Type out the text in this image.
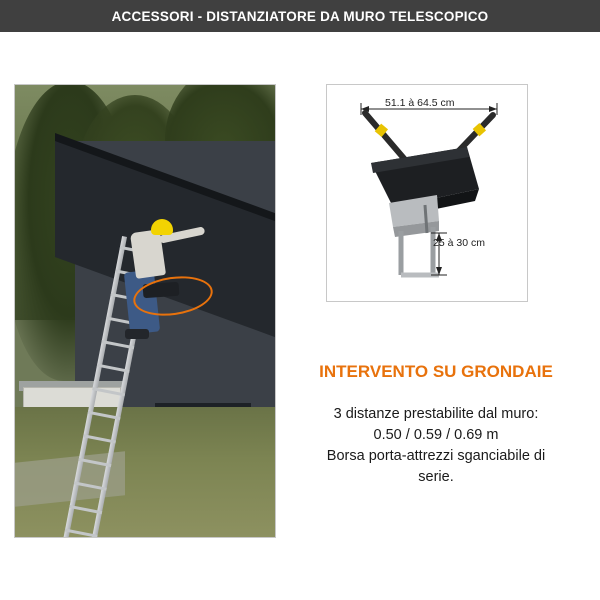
ACCESSORI - DISTANZIATORE DA MURO TELESCOPICO
51.1 à 64.5 cm
25 à 30 cm
INTERVENTO SU GRONDAIE
3 distanze prestabilite dal muro:
0.50 / 0.59 / 0.69 m
Borsa porta-attrezzi sganciabile di
serie.
